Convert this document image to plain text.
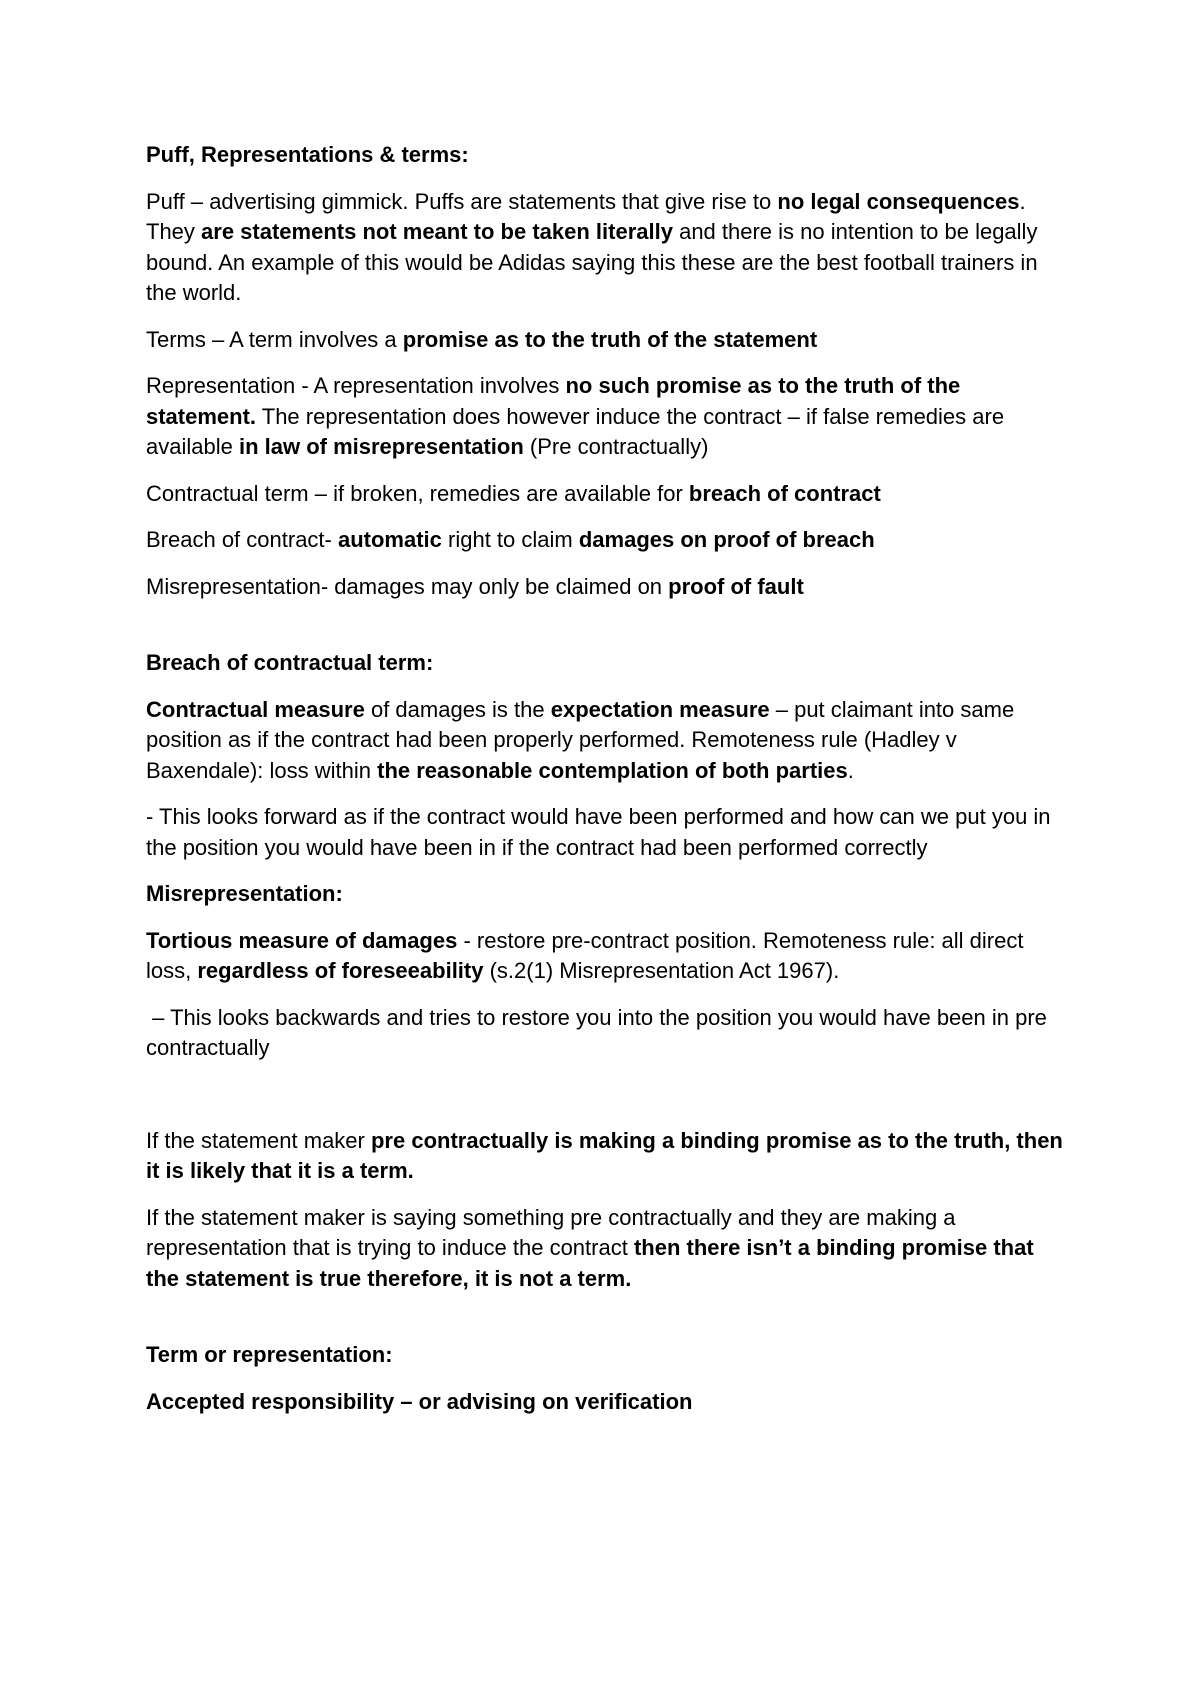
Puff, Representations & terms:

Puff – advertising gimmick. Puffs are statements that give rise to no legal consequences. They are statements not meant to be taken literally and there is no intention to be legally bound. An example of this would be Adidas saying this these are the best football trainers in the world.

Terms – A term involves a promise as to the truth of the statement

Representation - A representation involves no such promise as to the truth of the statement. The representation does however induce the contract – if false remedies are available in law of misrepresentation (Pre contractually)

Contractual term – if broken, remedies are available for breach of contract

Breach of contract- automatic right to claim damages on proof of breach

Misrepresentation- damages may only be claimed on proof of fault

Breach of contractual term:

Contractual measure of damages is the expectation measure – put claimant into same position as if the contract had been properly performed. Remoteness rule (Hadley v Baxendale): loss within the reasonable contemplation of both parties.

- This looks forward as if the contract would have been performed and how can we put you in the position you would have been in if the contract had been performed correctly

Misrepresentation:

Tortious measure of damages - restore pre-contract position. Remoteness rule: all direct loss, regardless of foreseeability (s.2(1) Misrepresentation Act 1967).

– This looks backwards and tries to restore you into the position you would have been in pre contractually

If the statement maker pre contractually is making a binding promise as to the truth, then it is likely that it is a term.

If the statement maker is saying something pre contractually and they are making a representation that is trying to induce the contract then there isn’t a binding promise that the statement is true therefore, it is not a term.

Term or representation:

Accepted responsibility – or advising on verification
